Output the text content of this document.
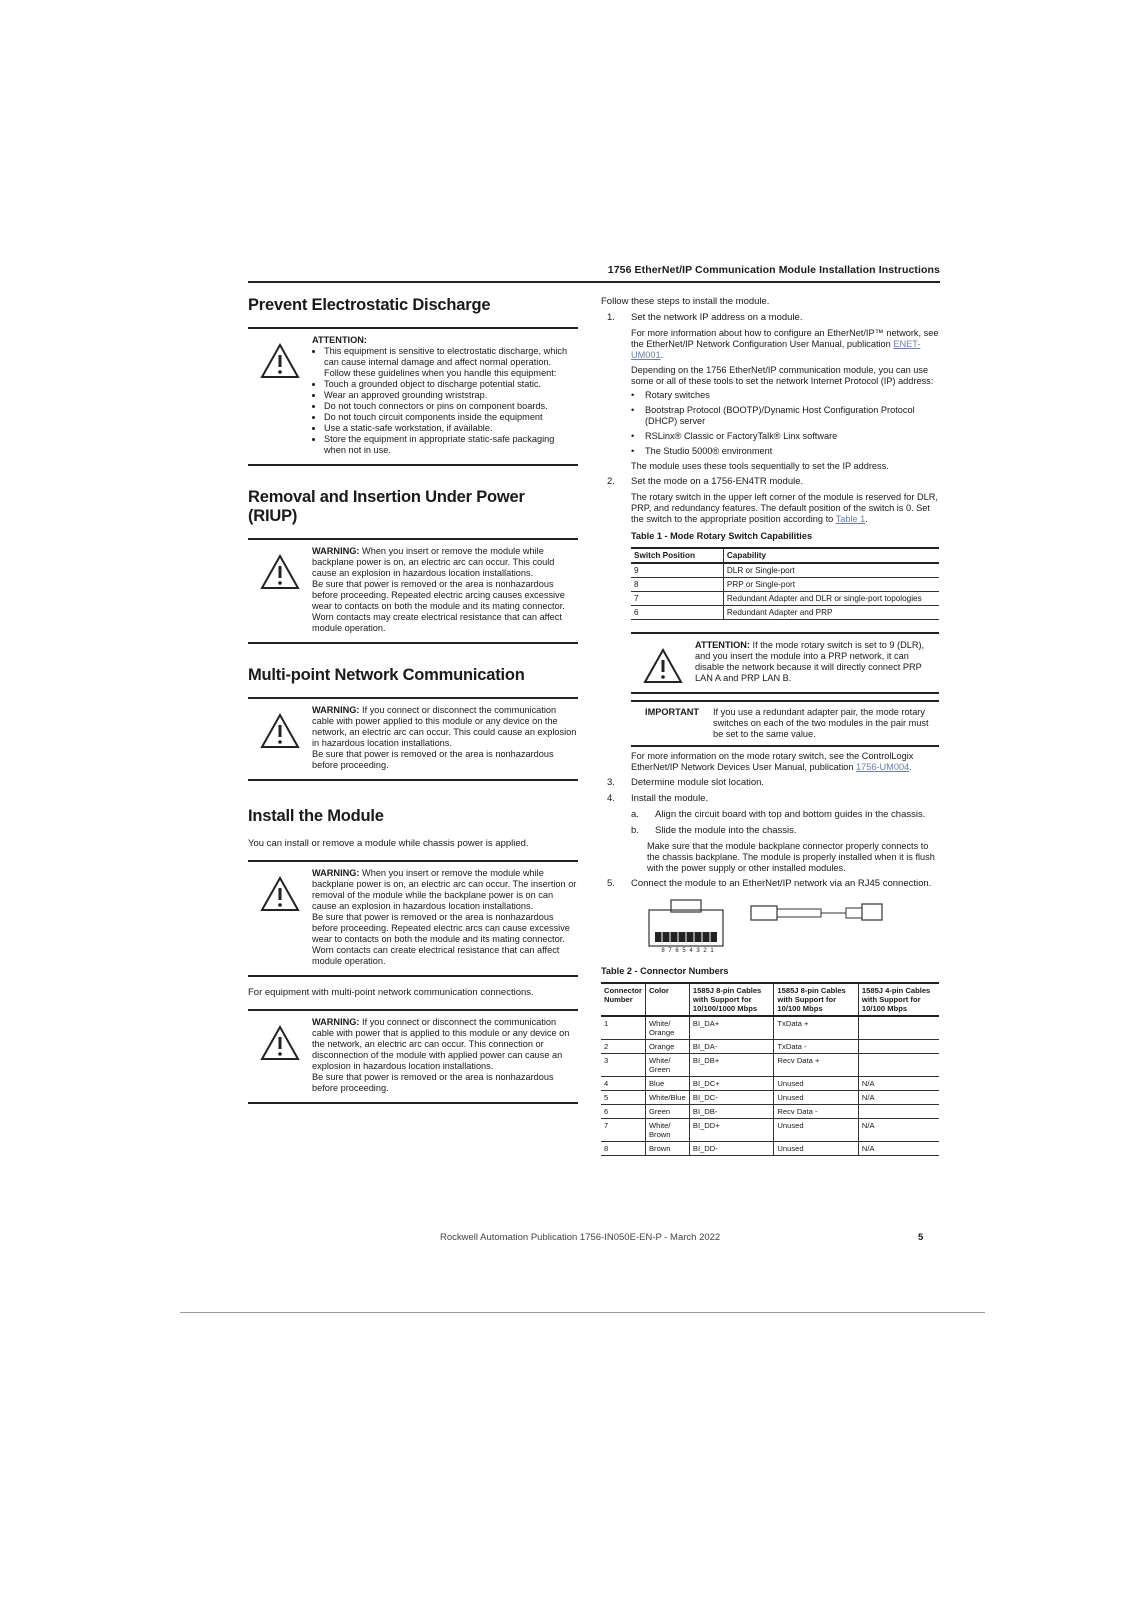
1756 EtherNet/IP Communication Module Installation Instructions
Prevent Electrostatic Discharge
ATTENTION:
• This equipment is sensitive to electrostatic discharge, which can cause internal damage and affect normal operation. Follow these guidelines when you handle this equipment:
• Touch a grounded object to discharge potential static.
• Wear an approved grounding wriststrap.
• Do not touch connectors or pins on component boards.
• Do not touch circuit components inside the equipment
• Use a static-safe workstation, if available.
• Store the equipment in appropriate static-safe packaging when not in use.
Removal and Insertion Under Power (RIUP)
WARNING: When you insert or remove the module while backplane power is on, an electric arc can occur. This could cause an explosion in hazardous location installations.
Be sure that power is removed or the area is nonhazardous before proceeding. Repeated electric arcing causes excessive wear to contacts on both the module and its mating connector. Worn contacts may create electrical resistance that can affect module operation.
Multi-point Network Communication
WARNING: If you connect or disconnect the communication cable with power applied to this module or any device on the network, an electric arc can occur. This could cause an explosion in hazardous location installations.
Be sure that power is removed or the area is nonhazardous before proceeding.
Install the Module
You can install or remove a module while chassis power is applied.
WARNING: When you insert or remove the module while backplane power is on, an electric arc can occur. The insertion or removal of the module while the backplane power is on can cause an explosion in hazardous location installations.
Be sure that power is removed or the area is nonhazardous before proceeding. Repeated electric arcs can cause excessive wear to contacts on both the module and its mating connector. Worn contacts can create electrical resistance that can affect module operation.
For equipment with multi-point network communication connections.
WARNING: If you connect or disconnect the communication cable with power that is applied to this module or any device on the network, an electric arc can occur. This connection or disconnection of the module with applied power can cause an explosion in hazardous location installations.
Be sure that power is removed or the area is nonhazardous before proceeding.
Follow these steps to install the module.
1.	Set the network IP address on a module.
For more information about how to configure an EtherNet/IP™ network, see the EtherNet/IP Network Configuration User Manual, publication ENET-UM001.
Depending on the 1756 EtherNet/IP communication module, you can use some or all of these tools to set the network Internet Protocol (IP) address:
•	Rotary switches
•	Bootstrap Protocol (BOOTP)/Dynamic Host Configuration Protocol (DHCP) server
•	RSLinx® Classic or FactoryTalk® Linx software
•	The Studio 5000® environment
The module uses these tools sequentially to set the IP address.
2.	Set the mode on a 1756-EN4TR module.
The rotary switch in the upper left corner of the module is reserved for DLR, PRP, and redundancy features. The default position of the switch is 0. Set the switch to the appropriate position according to Table 1.
Table 1 - Mode Rotary Switch Capabilities
Switch Position	Capability
9	DLR or Single-port
8	PRP or Single-port
7	Redundant Adapter and DLR or single-port topologies
6	Redundant Adapter and PRP
ATTENTION: If the mode rotary switch is set to 9 (DLR), and you insert the module into a PRP network, it can disable the network because it will directly connect PRP LAN A and PRP LAN B.
IMPORTANT	If you use a redundant adapter pair, the mode rotary switches on each of the two modules in the pair must be set to the same value.
For more information on the mode rotary switch, see the ControlLogix EtherNet/IP Network Devices User Manual, publication 1756-UM004.
3.	Determine module slot location.
4.	Install the module.
a.	Align the circuit board with top and bottom guides in the chassis.
b.	Slide the module into the chassis.
Make sure that the module backplane connector properly connects to the chassis backplane. The module is properly installed when it is flush with the power supply or other installed modules.
5.	Connect the module to an EtherNet/IP network via an RJ45 connection.
8 7 6 5 4 3 2 1
Table 2 - Connector Numbers
Connector Number	Color	1585J 8-pin Cables with Support for 10/100/1000 Mbps	1585J 8-pin Cables with Support for 10/100 Mbps	1585J 4-pin Cables with Support for 10/100 Mbps
1	White/ Orange	BI_DA+	TxData +	
2	Orange	BI_DA-	TxData -	
3	White/ Green	BI_DB+	Recv Data +	
4	Blue	BI_DC+	Unused	N/A
5	White/Blue	BI_DC-	Unused	N/A
6	Green	BI_DB-	Recv Data -	
7	White/ Brown	BI_DD+	Unused	N/A
8	Brown	BI_DD-	Unused	N/A
Rockwell Automation Publication 1756-IN050E-EN-P - March 2022	5
